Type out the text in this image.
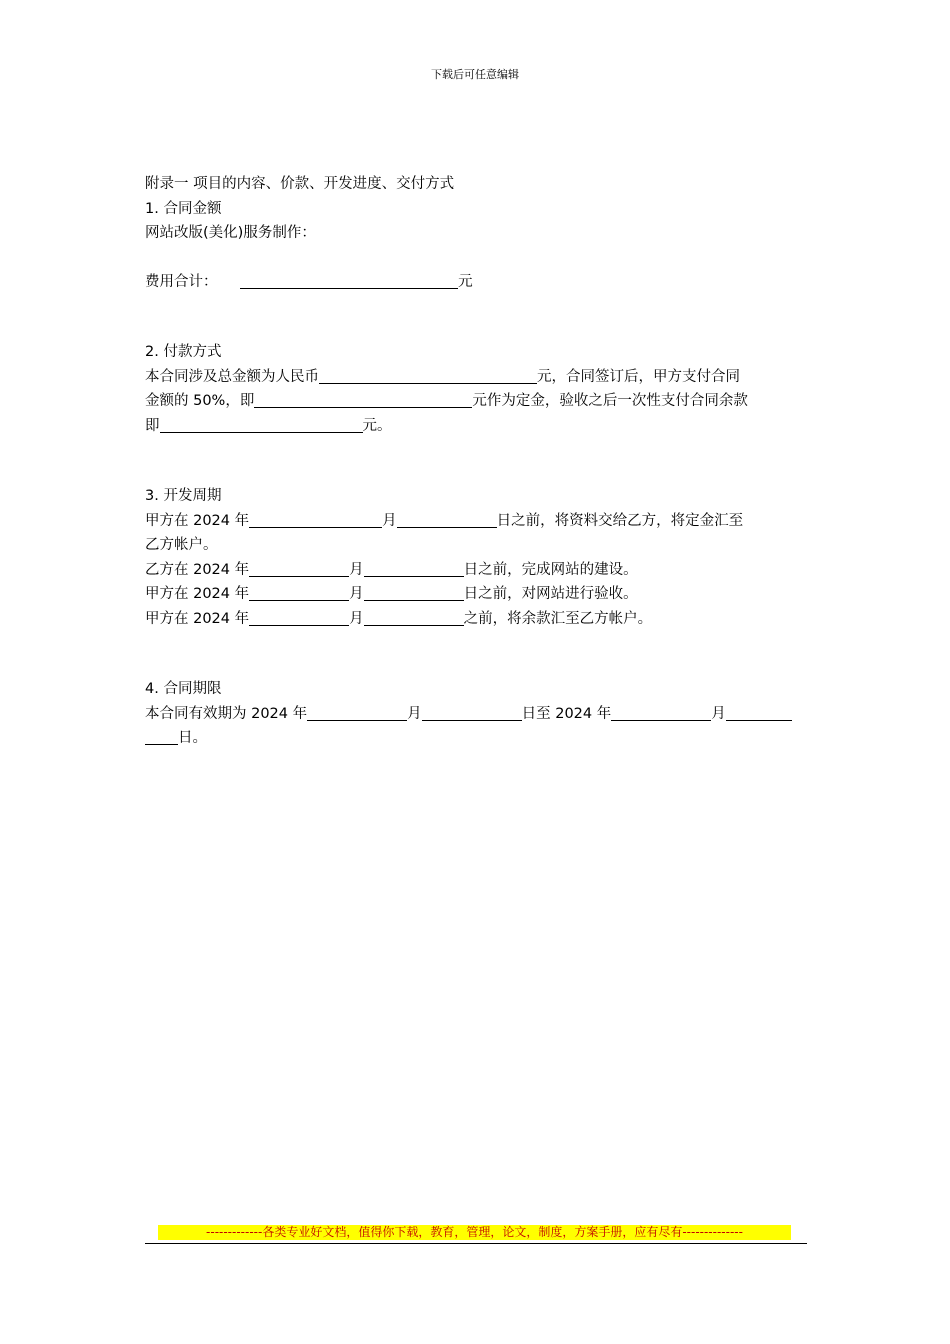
下载后可任意编辑
附录一 项目的内容、价款、开发进度、交付方式
1. 合同金额
网站改版(美化)服务制作：
费用合计：	元
2. 付款方式
本合同涉及总金额为人民币	元，合同签订后，甲方支付合同
金额的 50%，即	元作为定金，验收之后一次性支付合同余款
即	元。
3. 开发周期
甲方在 2024 年	月	日之前，将资料交给乙方，将定金汇至
乙方帐户。
乙方在 2024 年	月	日之前，完成网站的建设。
甲方在 2024 年	月	日之前，对网站进行验收。
甲方在 2024 年	月	之前，将余款汇至乙方帐户。
4. 合同期限
本合同有效期为 2024 年	月	日至 2024 年	月
日。
-------------各类专业好文档，值得你下载，教育，管理，论文，制度，方案手册，应有尽有--------------
